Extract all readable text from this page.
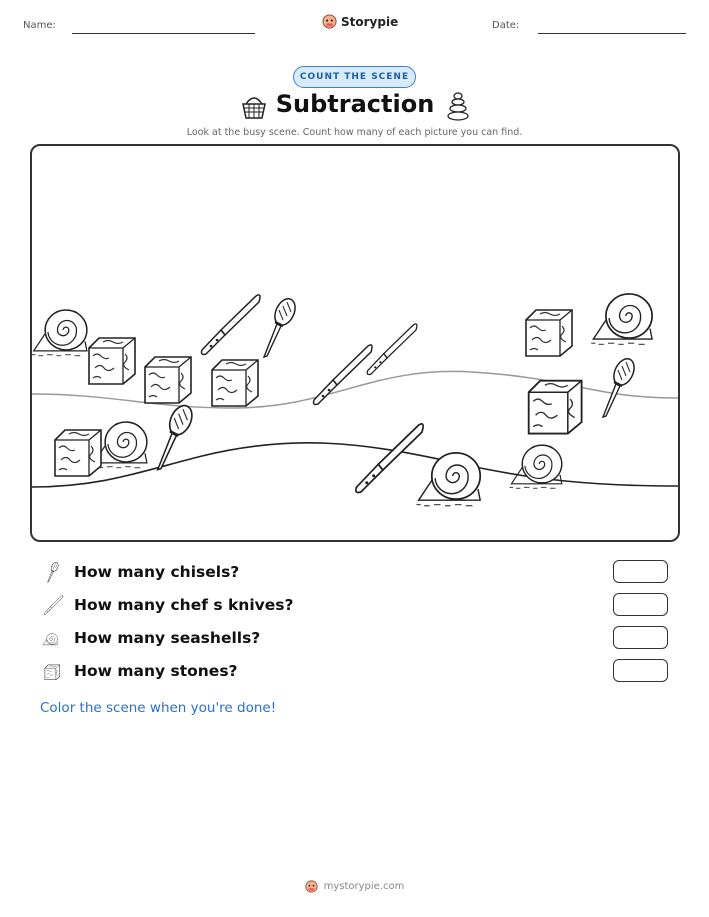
Name:	Storypie	Date:
COUNT THE SCENE
Subtraction
Look at the busy scene. Count how many of each picture you can find.
How many chisels?
How many chef s knives?
How many seashells?
How many stones?
Color the scene when you're done!
mystorypie.com
